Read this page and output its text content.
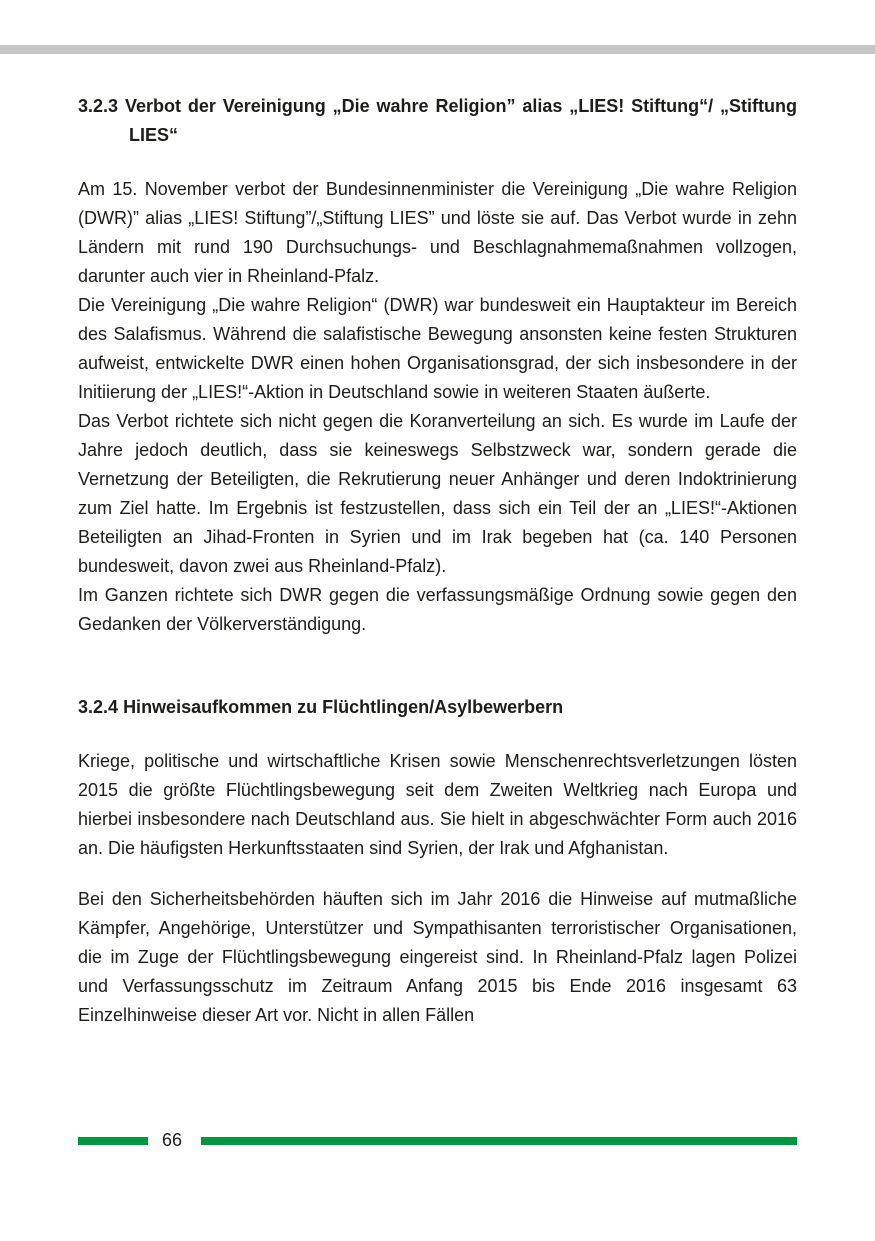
3.2.3 Verbot der Vereinigung „Die wahre Religion” alias „LIES! Stiftung“/ „Stiftung LIES“

Am 15. November verbot der Bundesinnenminister die Vereinigung „Die wahre Religion (DWR)” alias „LIES! Stiftung”/„Stiftung LIES” und löste sie auf. Das Verbot wurde in zehn Ländern mit rund 190 Durchsuchungs- und Beschlagnahmemaßnahmen vollzogen, darunter auch vier in Rheinland-Pfalz.

Die Vereinigung „Die wahre Religion“ (DWR) war bundesweit ein Hauptakteur im Bereich des Salafismus. Während die salafistische Bewegung ansonsten keine festen Strukturen aufweist, entwickelte DWR einen hohen Organisationsgrad, der sich insbesondere in der Initiierung der „LIES!“-Aktion in Deutschland sowie in weiteren Staaten äußerte.

Das Verbot richtete sich nicht gegen die Koranverteilung an sich. Es wurde im Laufe der Jahre jedoch deutlich, dass sie keineswegs Selbstzweck war, sondern gerade die Vernetzung der Beteiligten, die Rekrutierung neuer Anhänger und deren Indoktrinierung zum Ziel hatte. Im Ergebnis ist festzustellen, dass sich ein Teil der an „LIES!“-Aktionen Beteiligten an Jihad-Fronten in Syrien und im Irak begeben hat (ca. 140 Personen bundesweit, davon zwei aus Rheinland-Pfalz).

Im Ganzen richtete sich DWR gegen die verfassungsmäßige Ordnung sowie gegen den Gedanken der Völkerverständigung.

3.2.4 Hinweisaufkommen zu Flüchtlingen/Asylbewerbern

Kriege, politische und wirtschaftliche Krisen sowie Menschenrechtsverletzungen lösten 2015 die größte Flüchtlingsbewegung seit dem Zweiten Weltkrieg nach Europa und hierbei insbesondere nach Deutschland aus. Sie hielt in abgeschwächter Form auch 2016 an. Die häufigsten Herkunftsstaaten sind Syrien, der Irak und Afghanistan.

Bei den Sicherheitsbehörden häuften sich im Jahr 2016 die Hinweise auf mutmaßliche Kämpfer, Angehörige, Unterstützer und Sympathisanten terroristischer Organisationen, die im Zuge der Flüchtlingsbewegung eingereist sind. In Rheinland-Pfalz lagen Polizei und Verfassungsschutz im Zeitraum Anfang 2015 bis Ende 2016 insgesamt 63 Einzelhinweise dieser Art vor. Nicht in allen Fällen

66
